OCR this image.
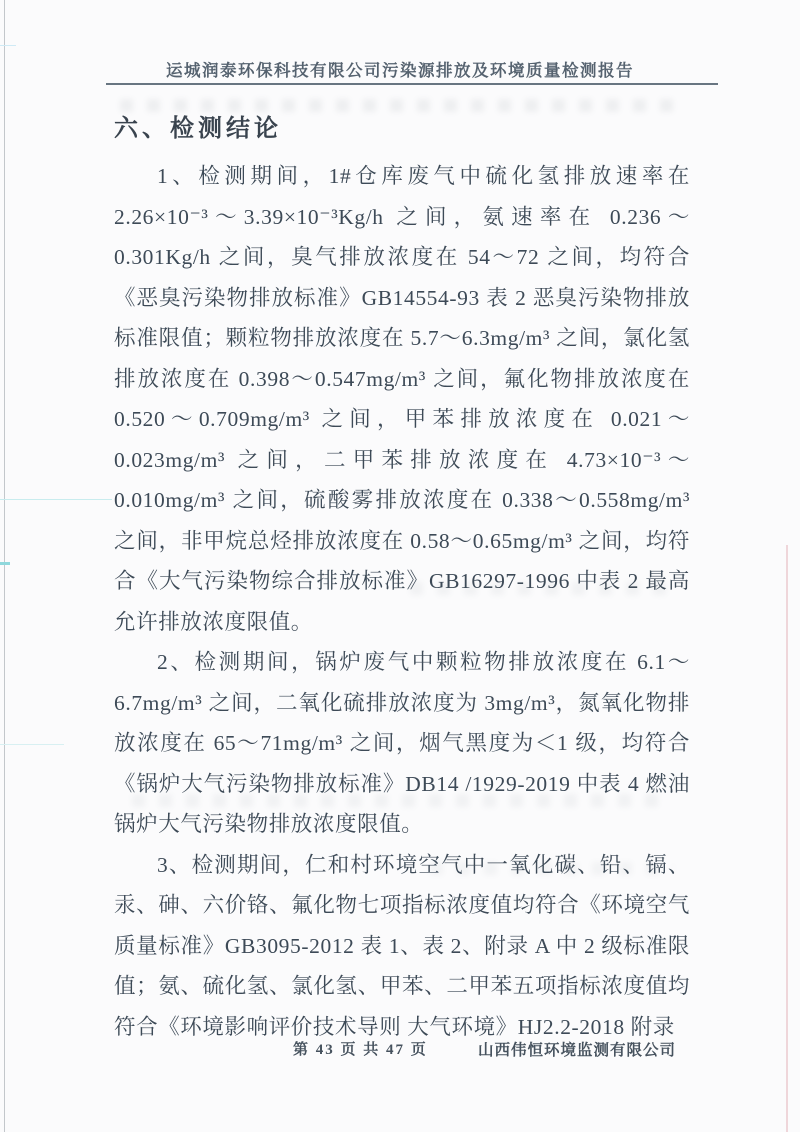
运城润泰环保科技有限公司污染源排放及环境质量检测报告
六、检测结论

1、检测期间，1#仓库废气中硫化氢排放速率在 2.26×10⁻³～3.39×10⁻³Kg/h 之间，氨速率在 0.236～0.301Kg/h 之间，臭气排放浓度在 54～72 之间，均符合《恶臭污染物排放标准》GB14554-93 表 2 恶臭污染物排放标准限值；颗粒物排放浓度在 5.7～6.3mg/m³ 之间，氯化氢排放浓度在 0.398～0.547mg/m³ 之间，氟化物排放浓度在 0.520～0.709mg/m³ 之间，甲苯排放浓度在 0.021～0.023mg/m³ 之间，二甲苯排放浓度在 4.73×10⁻³～0.010mg/m³ 之间，硫酸雾排放浓度在 0.338～0.558mg/m³ 之间，非甲烷总烃排放浓度在 0.58～0.65mg/m³ 之间，均符合《大气污染物综合排放标准》GB16297-1996 中表 2 最高允许排放浓度限值。

2、检测期间，锅炉废气中颗粒物排放浓度在 6.1～6.7mg/m³ 之间，二氧化硫排放浓度为 3mg/m³，氮氧化物排放浓度在 65～71mg/m³ 之间，烟气黑度为＜1 级，均符合《锅炉大气污染物排放标准》DB14 /1929-2019 中表 4 燃油锅炉大气污染物排放浓度限值。

3、检测期间，仁和村环境空气中一氧化碳、铅、镉、汞、砷、六价铬、氟化物七项指标浓度值均符合《环境空气质量标准》GB3095-2012 表 1、表 2、附录 A 中 2 级标准限值；氨、硫化氢、氯化氢、甲苯、二甲苯五项指标浓度值均符合《环境影响评价技术导则 大气环境》HJ2.2-2018 附录

第 43 页 共 47 页	山西伟恒环境监测有限公司
